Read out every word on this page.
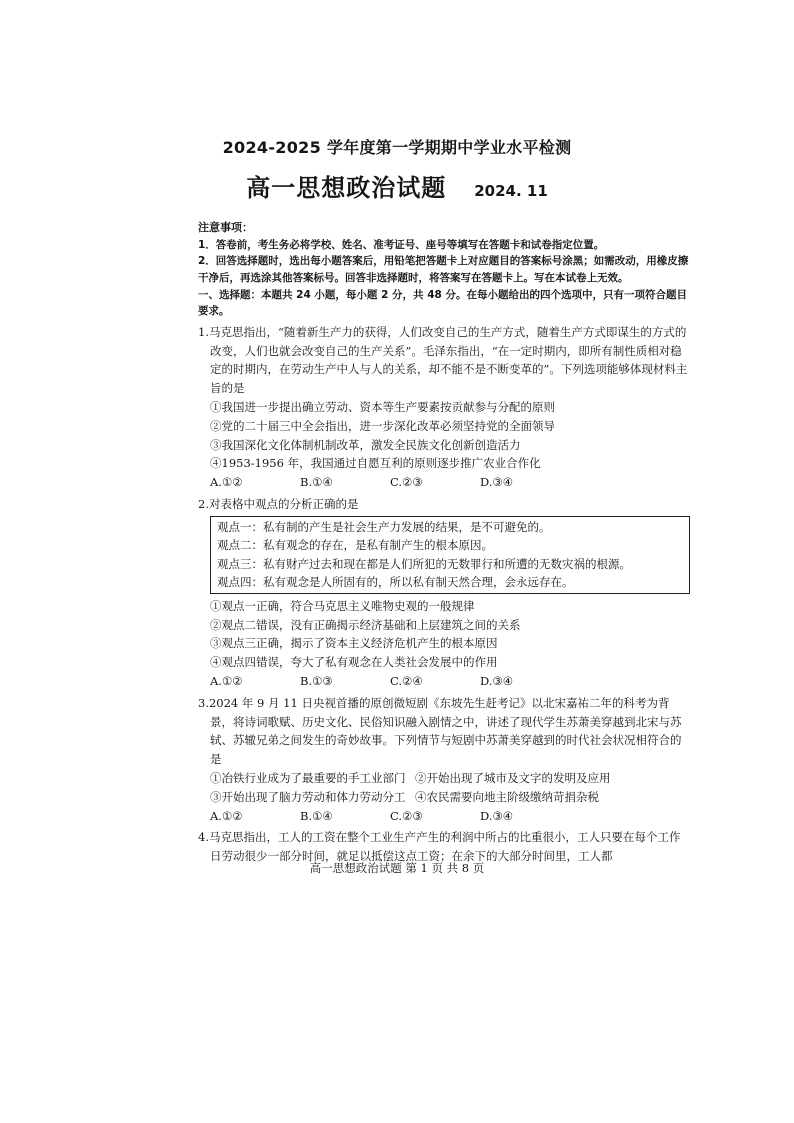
2024-2025 学年度第一学期期中学业水平检测
高一思想政治试题 2024. 11
注意事项：
1．答卷前，考生务必将学校、姓名、准考证号、座号等填写在答题卡和试卷指定位置。
2．回答选择题时，选出每小题答案后，用铅笔把答题卡上对应题目的答案标号涂黑；如需改动，用橡皮擦干净后，再选涂其他答案标号。回答非选择题时，将答案写在答题卡上。写在本试卷上无效。
一、选择题：本题共 24 小题，每小题 2 分，共 48 分。在每小题给出的四个选项中，只有一项符合题目要求。
1.马克思指出，“随着新生产力的获得，人们改变自己的生产方式，随着生产方式即谋生的方式的改变，人们也就会改变自己的生产关系”。毛泽东指出，“在一定时期内，即所有制性质相对稳定的时期内，在劳动生产中人与人的关系，却不能不是不断变革的”。下列选项能够体现材料主旨的是
①我国进一步提出确立劳动、资本等生产要素按贡献参与分配的原则
②党的二十届三中全会指出，进一步深化改革必须坚持党的全面领导
③我国深化文化体制机制改革，激发全民族文化创新创造活力
④1953-1956 年，我国通过自愿互利的原则逐步推广农业合作化
A.①②	B.①④	C.②③	D.③④
2.对表格中观点的分析正确的是
观点一：私有制的产生是社会生产力发展的结果，是不可避免的。
观点二：私有观念的存在，是私有制产生的根本原因。
观点三：私有财产过去和现在都是人们所犯的无数罪行和所遭的无数灾祸的根源。
观点四：私有观念是人所固有的，所以私有制天然合理，会永远存在。
①观点一正确，符合马克思主义唯物史观的一般规律
②观点二错误，没有正确揭示经济基础和上层建筑之间的关系
③观点三正确，揭示了资本主义经济危机产生的根本原因
④观点四错误，夸大了私有观念在人类社会发展中的作用
A.①②	B.①③	C.②④	D.③④
3.2024 年 9 月 11 日央视首播的原创微短剧《东坡先生赶考记》以北宋嘉祐二年的科考为背景，将诗词歌赋、历史文化、民俗知识融入剧情之中，讲述了现代学生苏萧美穿越到北宋与苏轼、苏辙兄弟之间发生的奇妙故事。下列情节与短剧中苏萧美穿越到的时代社会状况相符合的是
①冶铁行业成为了最重要的手工业部门 ②开始出现了城市及文字的发明及应用
③开始出现了脑力劳动和体力劳动分工 ④农民需要向地主阶级缴纳苛捐杂税
A.①②	B.①④	C.②③	D.③④
4.马克思指出，工人的工资在整个工业生产产生的利润中所占的比重很小，工人只要在每个工作日劳动很少一部分时间，就足以抵偿这点工资；在余下的大部分时间里，工人都
高一思想政治试题 第 1 页 共 8 页
